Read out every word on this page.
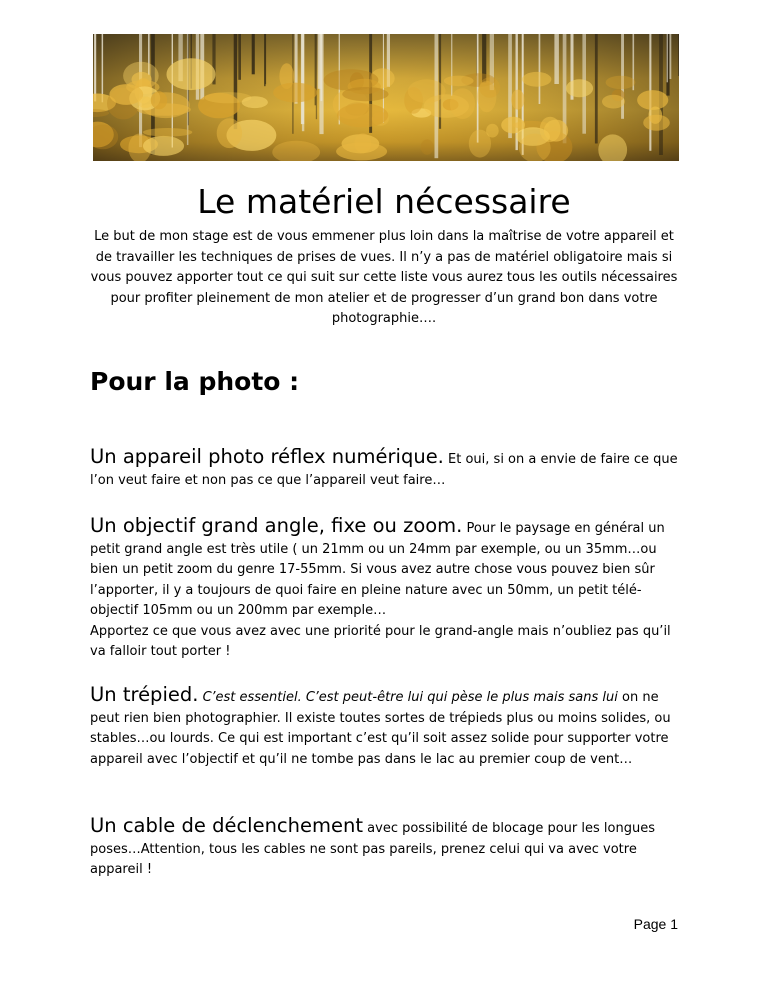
Le matériel nécessaire

Le but de mon stage est de vous emmener plus loin dans la maîtrise de votre appareil et de travailler les techniques de prises de vues. Il n’y a pas de matériel obligatoire mais si vous pouvez apporter tout ce qui suit sur cette liste vous aurez tous les outils nécessaires pour profiter pleinement de mon atelier et de progresser d’un grand bon dans votre photographie….

Pour la photo :

Un appareil photo réflex numérique. Et oui, si on a envie de faire ce que l’on veut faire et non pas ce que l’appareil veut faire…

Un objectif grand angle, fixe ou zoom. Pour le paysage en général un petit grand angle est très utile ( un 21mm ou un 24mm par exemple, ou un 35mm…ou bien un petit zoom du genre 17-55mm. Si vous avez autre chose vous pouvez bien sûr l’apporter, il y a toujours de quoi faire en pleine nature avec un 50mm, un petit télé-objectif 105mm ou un 200mm par exemple…
Apportez ce que vous avez avec une priorité pour le grand-angle mais n’oubliez pas qu’il va falloir tout porter !

Un trépied. C’est essentiel. C’est peut-être lui qui pèse le plus mais sans lui on ne peut rien bien photographier. Il existe toutes sortes de trépieds plus ou moins solides, ou stables…ou lourds. Ce qui est important c’est qu’il soit assez solide pour supporter votre appareil avec l’objectif et qu’il ne tombe pas dans le lac au premier coup de vent…

Un cable de déclenchement avec possibilité de blocage pour les longues poses…Attention, tous les cables ne sont pas pareils, prenez celui qui va avec votre appareil !

Page 1
